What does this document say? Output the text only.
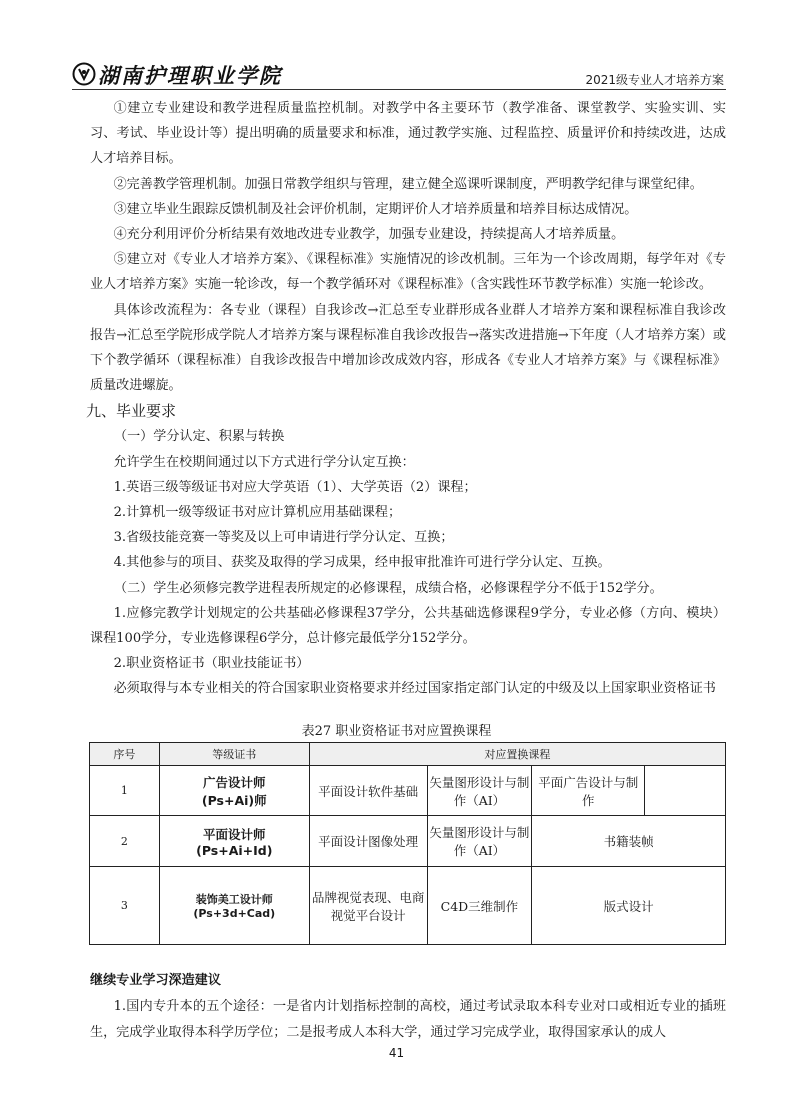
湖南护理职业学院	2021级专业人才培养方案

①建立专业建设和教学进程质量监控机制。对教学中各主要环节（教学准备、课堂教学、实验实训、实习、考试、毕业设计等）提出明确的质量要求和标准，通过教学实施、过程监控、质量评价和持续改进，达成人才培养目标。

②完善教学管理机制。加强日常教学组织与管理，建立健全巡课听课制度，严明教学纪律与课堂纪律。

③建立毕业生跟踪反馈机制及社会评价机制，定期评价人才培养质量和培养目标达成情况。

④充分利用评价分析结果有效地改进专业教学，加强专业建设，持续提高人才培养质量。

⑤建立对《专业人才培养方案》、《课程标准》实施情况的诊改机制。三年为一个诊改周期，每学年对《专业人才培养方案》实施一轮诊改，每一个教学循环对《课程标准》（含实践性环节教学标准）实施一轮诊改。

具体诊改流程为：各专业（课程）自我诊改→汇总至专业群形成各业群人才培养方案和课程标准自我诊改报告→汇总至学院形成学院人才培养方案与课程标准自我诊改报告→落实改进措施→下年度（人才培养方案）或下个教学循环（课程标准）自我诊改报告中增加诊改成效内容，形成各《专业人才培养方案》与《课程标准》质量改进螺旋。

九、毕业要求

（一）学分认定、积累与转换

允许学生在校期间通过以下方式进行学分认定互换：

1.英语三级等级证书对应大学英语（1）、大学英语（2）课程；

2.计算机一级等级证书对应计算机应用基础课程；

3.省级技能竞赛一等奖及以上可申请进行学分认定、互换；

4.其他参与的项目、获奖及取得的学习成果，经申报审批准许可进行学分认定、互换。

（二）学生必须修完教学进程表所规定的必修课程，成绩合格，必修课程学分不低于152学分。

1.应修完教学计划规定的公共基础必修课程37学分，公共基础选修课程9学分，专业必修（方向、模块）课程100学分，专业选修课程6学分，总计修完最低学分152学分。

2.职业资格证书（职业技能证书）

必须取得与本专业相关的符合国家职业资格要求并经过国家指定部门认定的中级及以上国家职业资格证书

表27 职业资格证书对应置换课程
序号	等级证书	对应置换课程			
1	广告设计师
(Ps+Ai)师	平面设计软件基础	矢量图形设计与制作（AI）	平面广告设计与制作	
2	平面设计师
(Ps+Ai+Id)	平面设计图像处理	矢量图形设计与制作（AI）	书籍装帧	
3	装饰美工设计师
(Ps+3d+Cad)	品牌视觉表现、电商视觉平台设计	C4D三维制作	版式设计	

继续专业学习深造建议

1.国内专升本的五个途径：一是省内计划指标控制的高校，通过考试录取本科专业对口或相近专业的插班生，完成学业取得本科学历学位；二是报考成人本科大学，通过学习完成学业，取得国家承认的成人

41
